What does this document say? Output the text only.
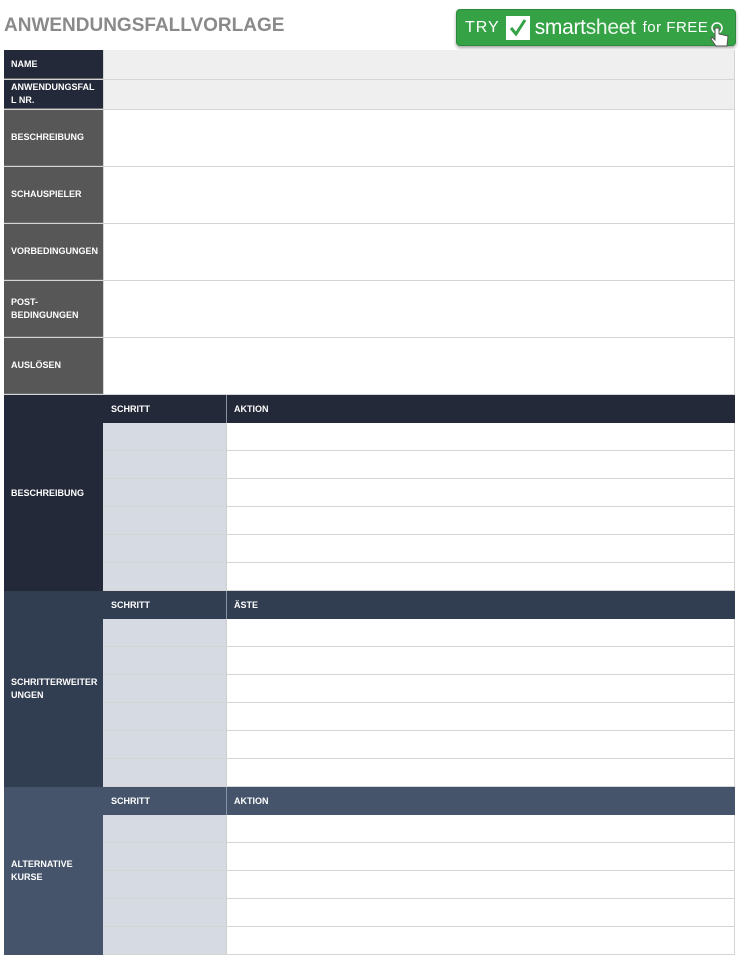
ANWENDUNGSFALLVORLAGE	TRY smartsheet for FREE
NAME
ANWENDUNGSFAL L NR.
BESCHREIBUNG
SCHAUSPIELER
VORBEDINGUNGEN
POST-BEDINGUNGEN
AUSLÖSEN
BESCHREIBUNG
SCHRITT	AKTION
SCHRITTERWEITER UNGEN
SCHRITT	ÄSTE
ALTERNATIVE KURSE
SCHRITT	AKTION
